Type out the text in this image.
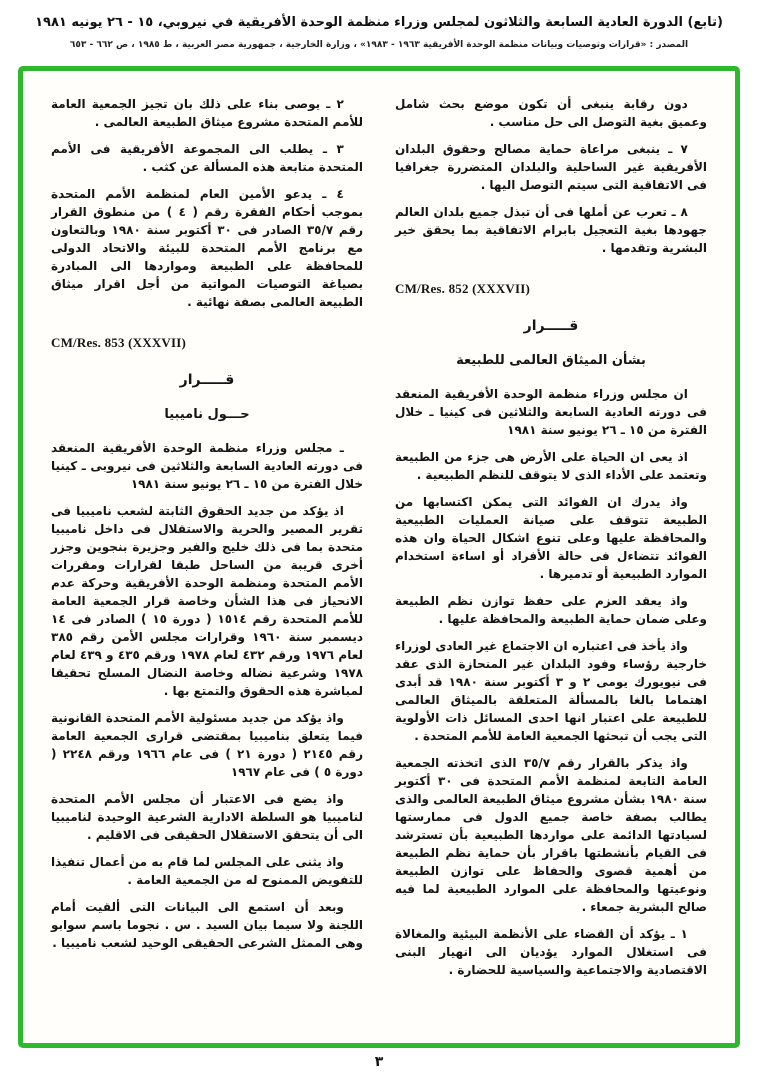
(تابع) الدورة العادية السابعة والثلاثون لمجلس وزراء منظمة الوحدة الأفريقية في نيروبي، ١٥ - ٢٦ يونيه ١٩٨١
المصدر : «قرارات وتوصيات وبيانات منظمة الوحدة الأفريقية ١٩٦٣ - ١٩٨٣» ، وزارة الخارجية ، جمهورية مصر العربية ، ط ١٩٨٥ ، ص ٦٦٢ - ٦٥٣

دون رقابة ينبغى أن تكون موضع بحث شامل وعميق بغية التوصل الى حل مناسب .

٧ ـ ينبغى مراعاة حماية مصالح وحقوق البلدان الأفريقية غير الساحلية والبلدان المتضررة جغرافيا فى الاتفاقية التى سيتم التوصل اليها .

٨ ـ تعرب عن أملها فى أن تبذل جميع بلدان العالم جهودها بغية التعجيل بابرام الاتفاقية بما يحقق خير البشرية وتقدمها .

CM/Res. 852 (XXXVII)

قـــــرار

بشأن الميثاق العالمى للطبيعة

ان مجلس وزراء منظمة الوحدة الأفريقية المنعقد فى دورته العادية السابعة والثلاثين فى كينيا ـ خلال الفترة من ١٥ ـ ٢٦ يونيو سنة ١٩٨١

اذ يعى ان الحياة على الأرض هى جزء من الطبيعة وتعتمد على الأداء الذى لا يتوقف للنظم الطبيعية .

واذ يدرك ان الفوائد التى يمكن اكتسابها من الطبيعة تتوقف على صيانة العمليات الطبيعية والمحافظة عليها وعلى تنوع اشكال الحياة وان هذه الفوائد تتضاءل فى حالة الأفراد أو اساءة استخدام الموارد الطبيعية أو تدميرها .

واذ يعقد العزم على حفظ توازن نظم الطبيعة وعلى ضمان حماية الطبيعة والمحافظة عليها .

واذ يأخذ فى اعتباره ان الاجتماع غير العادى لوزراء خارجية رؤساء وفود البلدان غير المنحازة الذى عقد فى نيويورك يومى ٢ و ٣ أكتوبر سنة ١٩٨٠ قد أبدى اهتماما بالغا بالمسألة المتعلقة بالميثاق العالمى للطبيعة على اعتبار انها احدى المسائل ذات الأولوية التى يجب أن تبحثها الجمعية العامة للأمم المتحدة .

واذ يذكر بالقرار رقم ٣٥/٧ الذى اتخذته الجمعية العامة التابعة لمنظمة الأمم المتحدة فى ٣٠ أكتوبر سنة ١٩٨٠ بشأن مشروع ميثاق الطبيعة العالمى والذى يطالب بصفة خاصة جميع الدول فى ممارستها لسيادتها الدائمة على مواردها الطبيعية بأن تسترشد فى القيام بأنشطتها باقرار بأن حماية نظم الطبيعة من أهمية قصوى والحفاظ على توازن الطبيعة ونوعيتها والمحافظة على الموارد الطبيعية لما فيه صالح البشرية جمعاء .

١ ـ يؤكد أن القضاء على الأنظمة البيئية والمغالاة فى استغلال الموارد يؤديان الى انهيار البنى الاقتصادية والاجتماعية والسياسية للحضارة .

٢ ـ يوصى بناء على ذلك بان تجيز الجمعية العامة للأمم المتحدة مشروع ميثاق الطبيعة العالمى .

٣ ـ يطلب الى المجموعة الأفريقية فى الأمم المتحدة متابعة هذه المسألة عن كثب .

٤ ـ يدعو الأمين العام لمنظمة الأمم المتحدة بموجب أحكام الفقرة رقم ( ٤ ) من منطوق القرار رقم ٣٥/٧ الصادر فى ٣٠ أكتوبر سنة ١٩٨٠ وبالتعاون مع برنامج الأمم المتحدة للبيئة والاتحاد الدولى للمحافظة على الطبيعة ومواردها الى المبادرة بصياغة التوصيات المواتية من أجل اقرار ميثاق الطبيعة العالمى بصفة نهائية .

CM/Res. 853 (XXXVII)

قـــــرار

حـــول ناميبيا

ـ مجلس وزراء منظمة الوحدة الأفريقية المنعقد فى دورته العادية السابعة والثلاثين فى نيروبى ـ كينيا خلال الفترة من ١٥ ـ ٢٦ يونيو سنة ١٩٨١

اذ يؤكد من جديد الحقوق الثابتة لشعب ناميبيا فى تقرير المصير والحرية والاستقلال فى داخل ناميبيا متحدة بما فى ذلك خليج والفير وجزيرة بنجوين وجزر أخرى قريبة من الساحل طبقا لقرارات ومقررات الأمم المتحدة ومنظمة الوحدة الأفريقية وحركة عدم الانحياز فى هذا الشأن وخاصة قرار الجمعية العامة للأمم المتحدة رقم ١٥١٤ ( دورة ١٥ ) الصادر فى ١٤ ديسمبر سنة ١٩٦٠ وقرارات مجلس الأمن رقم ٣٨٥ لعام ١٩٧٦ ورقم ٤٣٢ لعام ١٩٧٨ ورقم ٤٣٥ و ٤٣٩ لعام ١٩٧٨ وشرعية نضاله وخاصة النضال المسلح تحقيقا لمباشرة هذه الحقوق والتمتع بها .

واذ يؤكد من جديد مسئولية الأمم المتحدة القانونية فيما يتعلق بناميبيا بمقتضى قرارى الجمعية العامة رقم ٢١٤٥ ( دورة ٢١ ) فى عام ١٩٦٦ ورقم ٢٢٤٨ ( دورة ٥ ) فى عام ١٩٦٧

واذ يضع فى الاعتبار أن مجلس الأمم المتحدة لناميبيا هو السلطة الادارية الشرعية الوحيدة لناميبيا الى أن يتحقق الاستقلال الحقيقى فى الاقليم .

واذ يثنى على المجلس لما قام به من أعمال تنفيذا للتفويض الممنوح له من الجمعية العامة .

وبعد أن استمع الى البيانات التى ألقيت أمام اللجنة ولا سيما بيان السيد . س . نجوما باسم سوابو وهى الممثل الشرعى الحقيقى الوحيد لشعب ناميبيا .

٣
